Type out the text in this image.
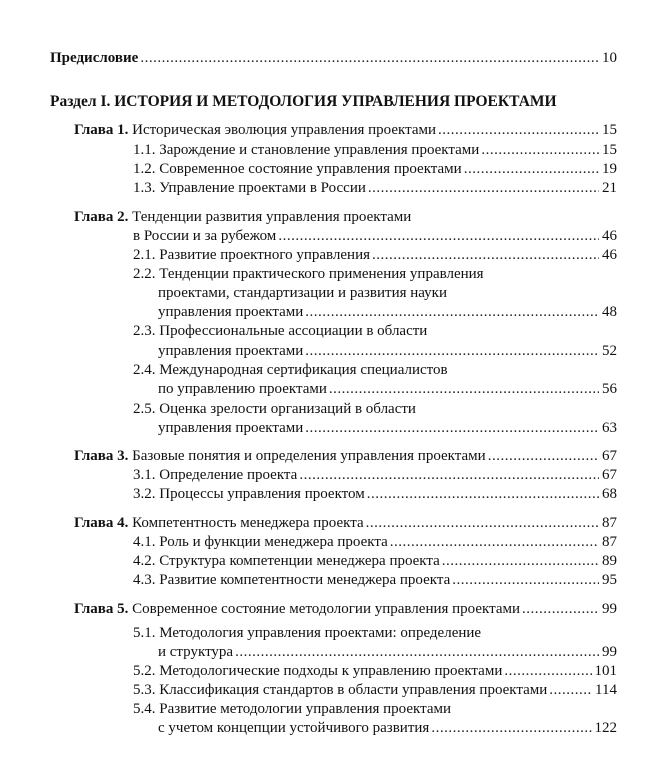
Предисловие .....	10
Раздел I. ИСТОРИЯ И МЕТОДОЛОГИЯ УПРАВЛЕНИЯ ПРОЕКТАМИ
Глава 1. Историческая эволюция управления проектами .....	15
1.1. Зарождение и становление управления проектами .....	15
1.2. Современное состояние управления проектами .....	19
1.3. Управление проектами в России .....	21
Глава 2. Тенденции развития управления проектами
в России и за рубежом .....	46
2.1. Развитие проектного управления .....	46
2.2. Тенденции практического применения управления
проектами, стандартизации и развития науки
управления проектами .....	48
2.3. Профессиональные ассоциации в области
управления проектами .....	52
2.4. Международная сертификация специалистов
по управлению проектами .....	56
2.5. Оценка зрелости организаций в области
управления проектами .....	63
Глава 3. Базовые понятия и определения управления проектами .....	67
3.1. Определение проекта .....	67
3.2. Процессы управления проектом .....	68
Глава 4. Компетентность менеджера проекта .....	87
4.1. Роль и функции менеджера проекта .....	87
4.2. Структура компетенции менеджера проекта .....	89
4.3. Развитие компетентности менеджера проекта .....	95
Глава 5. Современное состояние методологии управления проектами .....	99
5.1. Методология управления проектами: определение
и структура .....	99
5.2. Методологические подходы к управлению проектами .....	101
5.3. Классификация стандартов в области управления проектами .....	114
5.4. Развитие методологии управления проектами
с учетом концепции устойчивого развития .....	122
